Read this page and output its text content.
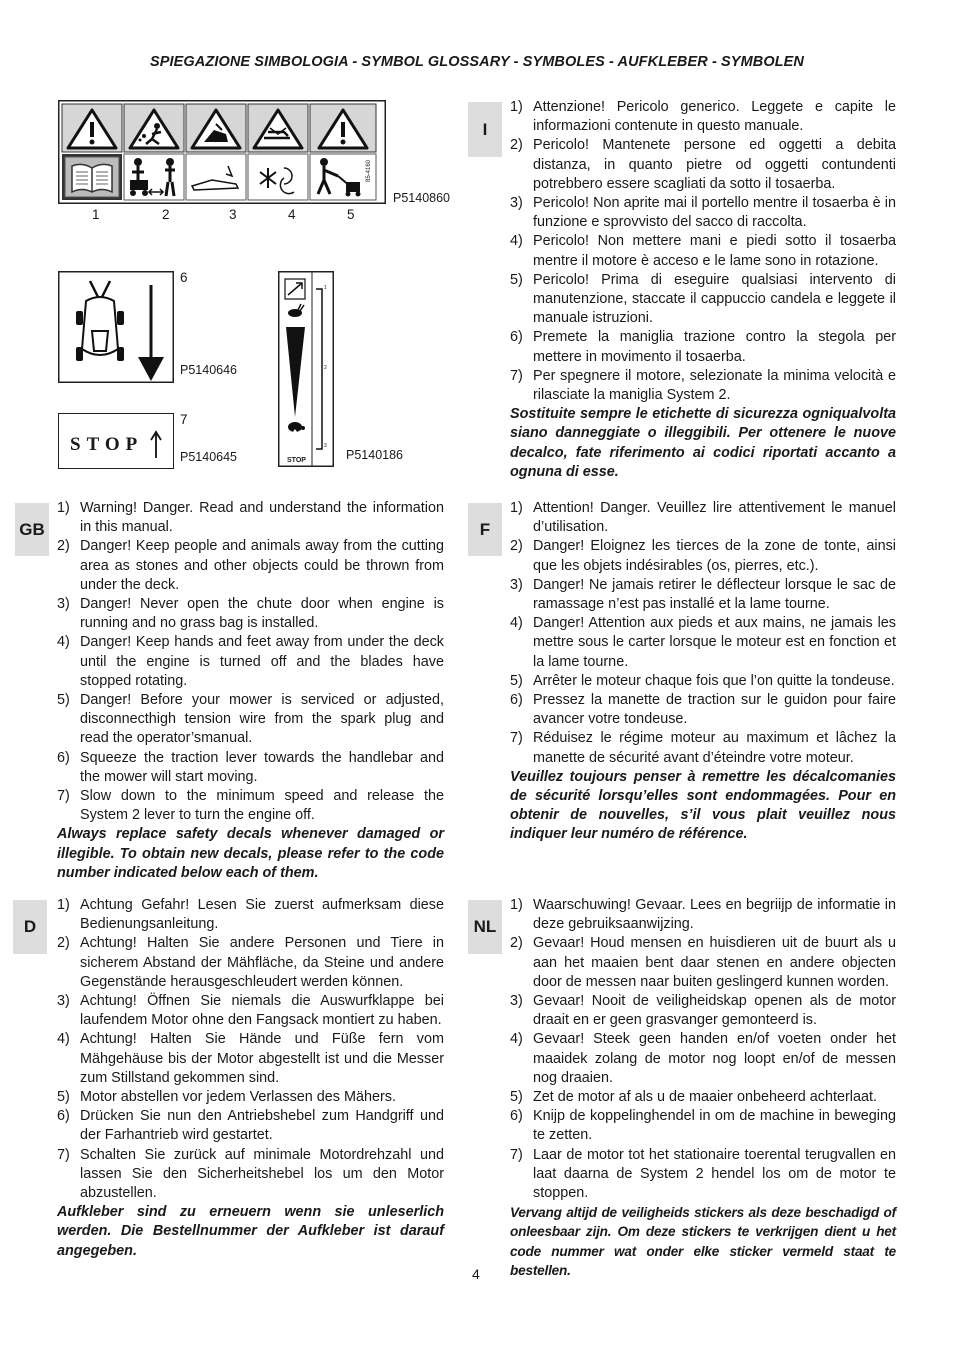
SPIEGAZIONE SIMBOLOGIA - SYMBOL GLOSSARY - SYMBOLES - AUFKLEBER - SYMBOLEN
85-4160
P5140860
1	2	3	4	5
6
P5140646
STOP
7
P5140645	STOP
1
2
3
P5140186
I
1) Attenzione! Pericolo generico. Leggete e capite le informazioni contenute in questo manuale.
2) Pericolo! Mantenete persone ed oggetti a debita distanza, in quanto pietre od oggetti contundenti potrebbero essere scagliati da sotto il tosaerba.
3) Pericolo! Non aprite mai il portello mentre il tosaerba è in funzione e sprovvisto del sacco di raccolta.
4) Pericolo! Non mettere mani e piedi sotto il tosaerba mentre il motore è acceso e le lame sono in rotazione.
5) Pericolo! Prima di eseguire qualsiasi intervento di manutenzione, staccate il cappuccio candela e leggete il manuale istruzioni.
6) Premete la maniglia trazione contro la stegola per mettere in movimento il tosaerba.
7) Per spegnere il motore, selezionate la minima velocità e rilasciate la maniglia System 2.
Sostituite sempre le etichette di sicurezza ogniqualvolta siano danneggiate o illeggibili. Per ottenere le nuove decalco, fate riferimento ai codici riportati accanto a ognuna di esse.
GB
1) Warning! Danger. Read and understand the information in this manual.
2) Danger! Keep people and animals away from the cutting area as stones and other objects could be thrown from under the deck.
3) Danger! Never open the chute door when engine is running and no grass bag is installed.
4) Danger! Keep hands and feet away from under the deck until the engine is turned off and the blades have stopped rotating.
5) Danger! Before your mower is serviced or adjusted, disconnecthigh tension wire from the spark plug and read the operator’smanual.
6) Squeeze the traction lever towards the handlebar and the mower will start moving.
7) Slow down to the minimum speed and release the System 2 lever to turn the engine off.
Always replace safety decals whenever damaged or illegible. To obtain new decals, please refer to the code number indicated below each of them.
F
1) Attention! Danger. Veuillez lire attentivement le manuel d’utilisation.
2) Danger! Eloignez les tierces de la zone de tonte, ainsi que les objets indésirables (os, pierres, etc.).
3) Danger! Ne jamais retirer le déflecteur lorsque le sac de ramassage n’est pas installé et la lame tourne.
4) Danger! Attention aux pieds et aux mains, ne jamais les mettre sous le carter lorsque le moteur est en fonction et la lame tourne.
5) Arrêter le moteur chaque fois que l’on quitte la tondeuse.
6) Pressez la manette de traction sur le guidon pour faire avancer votre tondeuse.
7) Réduisez le régime moteur au maximum et lâchez la manette de sécurité avant d’éteindre votre moteur.
Veuillez toujours penser à remettre les décalcomanies de sécurité lorsqu’elles sont endommagées. Pour en obtenir de nouvelles, s’il vous plait veuillez nous indiquer leur numéro de référence.
D
1) Achtung Gefahr! Lesen Sie zuerst aufmerksam diese Bedienungsanleitung.
2) Achtung! Halten Sie andere Personen und Tiere in sicherem Abstand der Mähfläche, da Steine und andere Gegenstände herausgeschleudert werden können.
3) Achtung! Öffnen Sie niemals die Auswurfklappe bei laufendem Motor ohne den Fangsack montiert zu haben.
4) Achtung! Halten Sie Hände und Füße fern vom Mähgehäuse bis der Motor abgestellt ist und die Messer zum Stillstand gekommen sind.
5) Motor abstellen vor jedem Verlassen des Mähers.
6) Drücken Sie nun den Antriebshebel zum Handgriff und der Farhantrieb wird gestartet.
7) Schalten Sie zurück auf minimale Motordrehzahl und lassen Sie den Sicherheitshebel los um den Motor abzustellen.
Aufkleber sind zu erneuern wenn sie unleserlich werden. Die Bestellnummer der Aufkleber ist darauf angegeben.
NL
1) Waarschuwing! Gevaar. Lees en begriijp de informatie in deze gebruiksaanwijzing.
2) Gevaar! Houd mensen en huisdieren uit de buurt als u aan het maaien bent daar stenen en andere objecten door de messen naar buiten geslingerd kunnen worden.
3) Gevaar! Nooit de veiligheidskap openen als de motor draait en er geen grasvanger gemonteerd is.
4) Gevaar! Steek geen handen en/of voeten onder het maaidek zolang de motor nog loopt en/of de messen nog draaien.
5) Zet de motor af als u de maaier onbeheerd achterlaat.
6) Knijp de koppelinghendel in om de machine in beweging te zetten.
7) Laar de motor tot het stationaire toerental terugvallen en laat daarna de System 2 hendel los om de motor te stoppen.
Vervang altijd de veiligheids stickers als deze beschadigd of onleesbaar zijn. Om deze stickers te verkrijgen dient u het code nummer wat onder elke sticker vermeld staat te bestellen.
4
